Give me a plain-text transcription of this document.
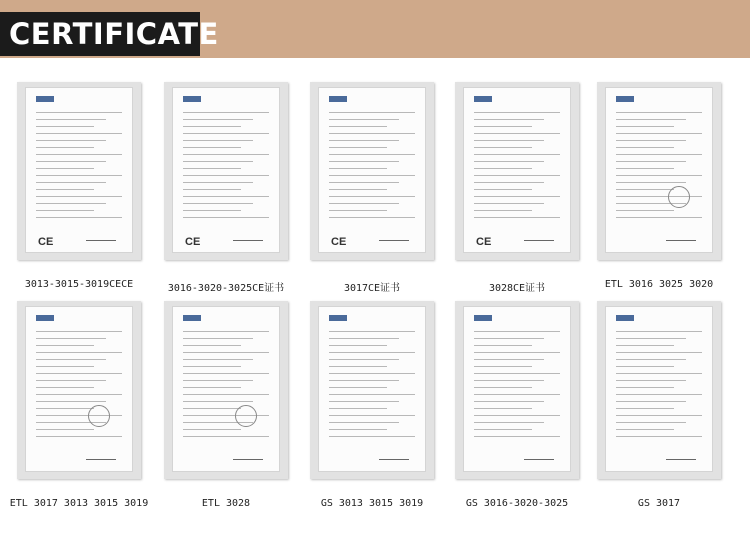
CERTIFICATE
CE
3013-3015-3019CECE
CE
3016-3020-3025CE证书
CE
3017CE证书
CE
3028CE证书	ETL 3016 3025 3020
ETL 3017 3013 3015 3019	ETL 3028	GS 3013 3015 3019	GS 3016-3020-3025	GS 3017
